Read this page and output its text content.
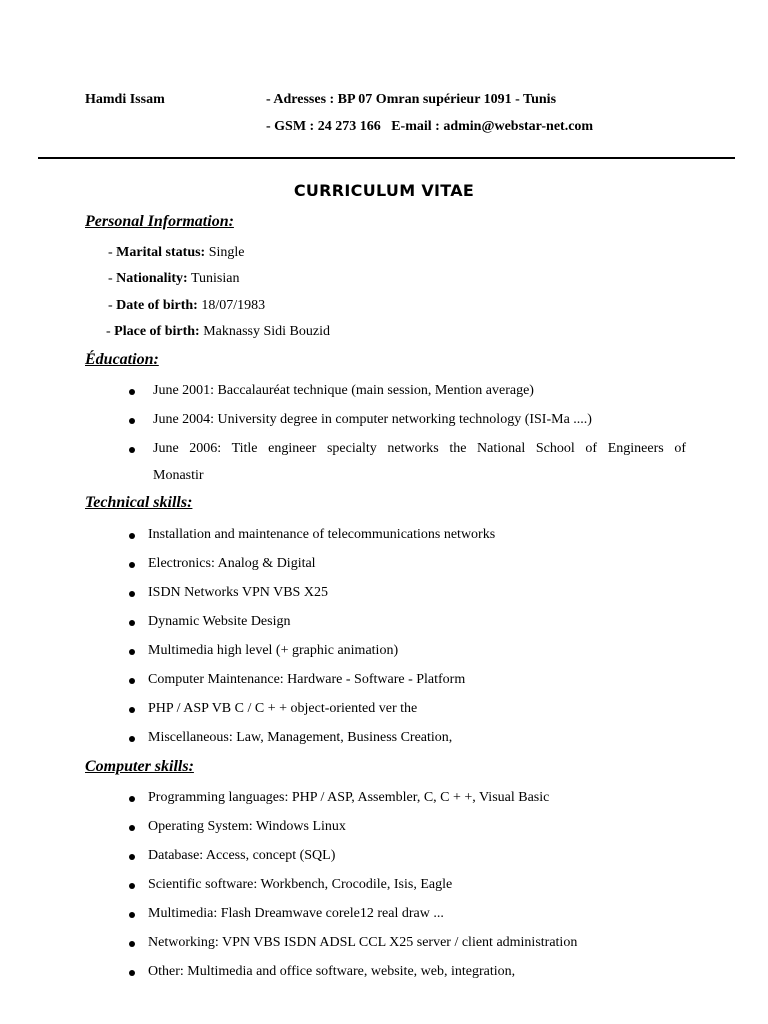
Hamdi Issam	- Adresses : BP 07 Omran supérieur 1091 - Tunis
- GSM : 24 273 166   E-mail : admin@webstar-net.com
CURRICULUM VITAE
Personal Information:
- Marital status: Single
- Nationality: Tunisian
- Date of birth: 18/07/1983
- Place of birth: Maknassy Sidi Bouzid
Éducation:
June 2001: Baccalauréat technique (main session, Mention average)
June 2004: University degree in computer networking technology (ISI-Ma ....)
June 2006: Title engineer specialty networks the National School of Engineers of
Monastir
Technical skills:
Installation and maintenance of telecommunications networks
Electronics: Analog & Digital
ISDN Networks VPN VBS X25
Dynamic Website Design
Multimedia high level (+ graphic animation)
Computer Maintenance: Hardware - Software - Platform
PHP / ASP VB C / C + + object-oriented ver the
Miscellaneous: Law, Management, Business Creation,
Computer skills:
Programming languages: PHP / ASP, Assembler, C, C + +, Visual Basic
Operating System: Windows Linux
Database: Access, concept (SQL)
Scientific software: Workbench, Crocodile, Isis, Eagle
Multimedia: Flash Dreamwave corele12 real draw ...
Networking: VPN VBS ISDN ADSL CCL X25 server / client administration
Other: Multimedia and office software, website, web, integration,
